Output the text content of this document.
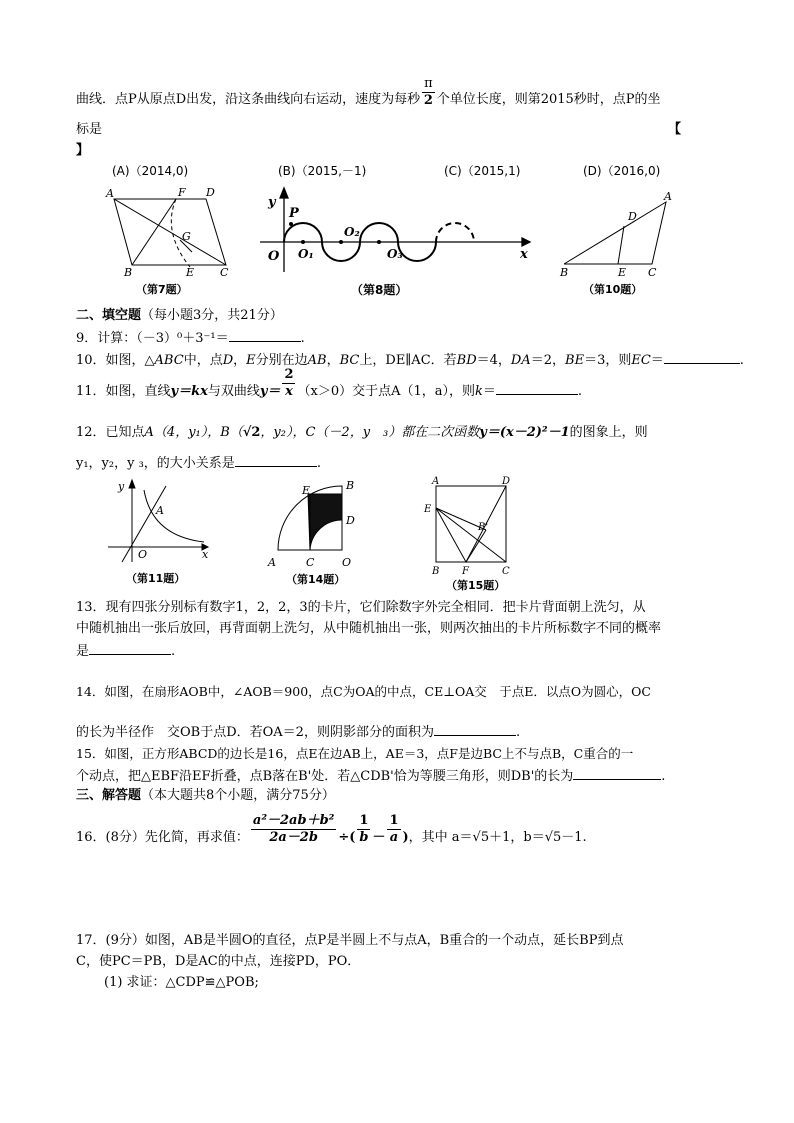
曲线．点P从原点D出发，沿这条曲线向右运动，速度为每秒 $\frac{\pi}{2}$ 个单位长度，则第2015秒时，点P的坐
标是	【
】
(A)（2014,0)	(B)（2015,－1)	(C)（2015,1)	(D)（2016,0)
A	F D
G
B	E C
（第7题）
y
P
O O₁
O₂
O₃	x
（第8题）
A
D
B	E C
（第10题）
二、填空题（每小题3分，共21分）
9．计算：（－3）⁰＋3⁻¹＝	.
10．如图，△ABC中，点D，E分别在边AB，BC上，DE∥AC．若BD＝4，DA＝2，BE＝3，则EC＝	.
11．如图，直线y＝kx与双曲线$y= \frac{2}{x} (x>0)$交于点A（1，a），则k＝	.
12．已知点A（4，y₁），B（√2，y₂），C（－2，y　₃）都在二次函数y＝(x－2)²－1的图象上，则
y₁，y₂，y ₃，的大小关系是	.
y
A
O	x
（第11题）
E	B
D
A	C	O
（第14题）
A	D
E
B'
B F	C
（第15题）
13．现有四张分别标有数字1，2，2，3的卡片，它们除数字外完全相同．把卡片背面朝上洗匀，从
中随机抽出一张后放回，再背面朝上洗匀，从中随机抽出一张，则两次抽出的卡片所标数字不同的概率
是	.
14．如图，在扇形AOB中，∠AOB＝900，点C为OA的中点，CE⊥OA交　于点E．以点O为圆心，OC
的长为半径作　交OB于点D．若OA＝2，则阴影部分的面积为	.
15．如图，正方形ABCD的边长是16，点E在边AB上，AE＝3，点F是边BC上不与点B，C重合的一
个动点，把△EBF沿EF折叠，点B落在B'处．若△CDB'恰为等腰三角形，则DB'的长为	.
三、解答题（本大题共8个小题，满分75分）
16．(8分）先化简，再求值： $\frac{\text{a²－2ab＋b²}}{2a-2b}$ ÷( $\frac{1}{b} - \frac{1}{a}$ )，其中 a＝√5＋1，b＝√5－1.
17．(9分）如图，AB是半圆O的直径，点P是半圆上不与点A，B重合的一个动点，延长BP到点
C，使PC＝PB，D是AC的中点，连接PD，PO．
(1) 求证：△CDP≌△POB;
